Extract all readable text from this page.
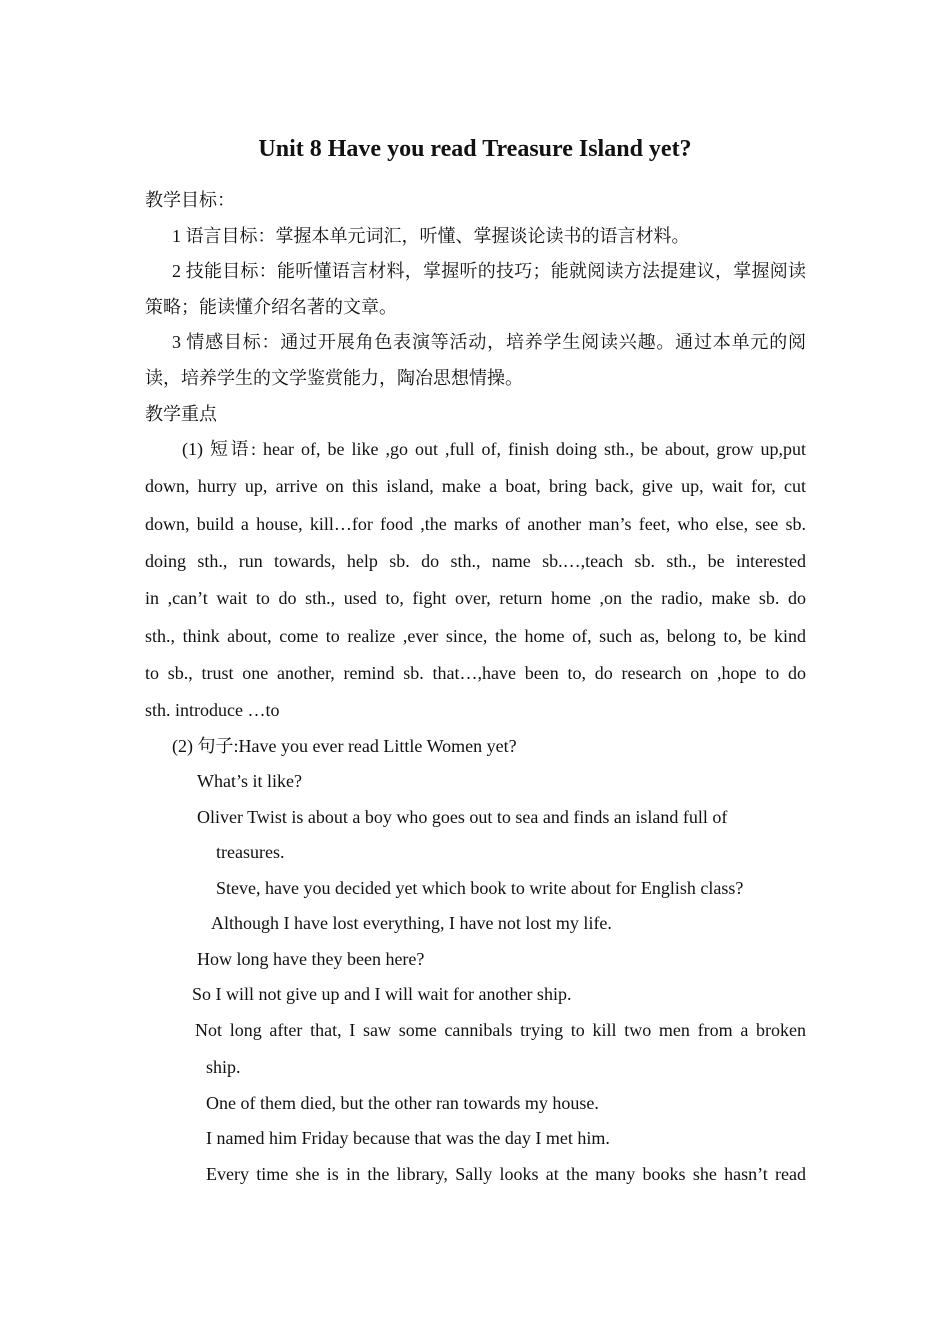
Unit 8 Have you read Treasure Island yet?
教学目标：
1 语言目标：掌握本单元词汇，听懂、掌握谈论读书的语言材料。
2 技能目标：能听懂语言材料，掌握听的技巧；能就阅读方法提建议，掌握阅读
策略；能读懂介绍名著的文章。
3 情感目标：通过开展角色表演等活动，培养学生阅读兴趣。通过本单元的阅
读，培养学生的文学鉴赏能力，陶冶思想情操。
教学重点
(1) 短语: hear of, be like ,go out ,full of, finish doing sth., be about, grow up,put
down, hurry up, arrive on this island, make a boat, bring back, give up, wait for, cut
down, build a house, kill…for food ,the marks of another man’s feet, who else, see sb.
doing sth., run towards, help sb. do sth., name sb.…,teach sb. sth., be interested
in ,can’t wait to do sth., used to, fight over, return home ,on the radio, make sb. do
sth., think about, come to realize ,ever since, the home of, such as, belong to, be kind
to sb., trust one another, remind sb. that…,have been to, do research on ,hope to do
sth. introduce …to
(2) 句子:Have you ever read Little Women yet?
What’s it like?
Oliver Twist is about a boy who goes out to sea and finds an island full of
treasures.
Steve, have you decided yet which book to write about for English class?
Although I have lost everything, I have not lost my life.
How long have they been here?
So I will not give up and I will wait for another ship.
Not long after that, I saw some cannibals trying to kill two men from a broken
ship.
One of them died, but the other ran towards my house.
I named him Friday because that was the day I met him.
Every time she is in the library, Sally looks at the many books she hasn’t read
